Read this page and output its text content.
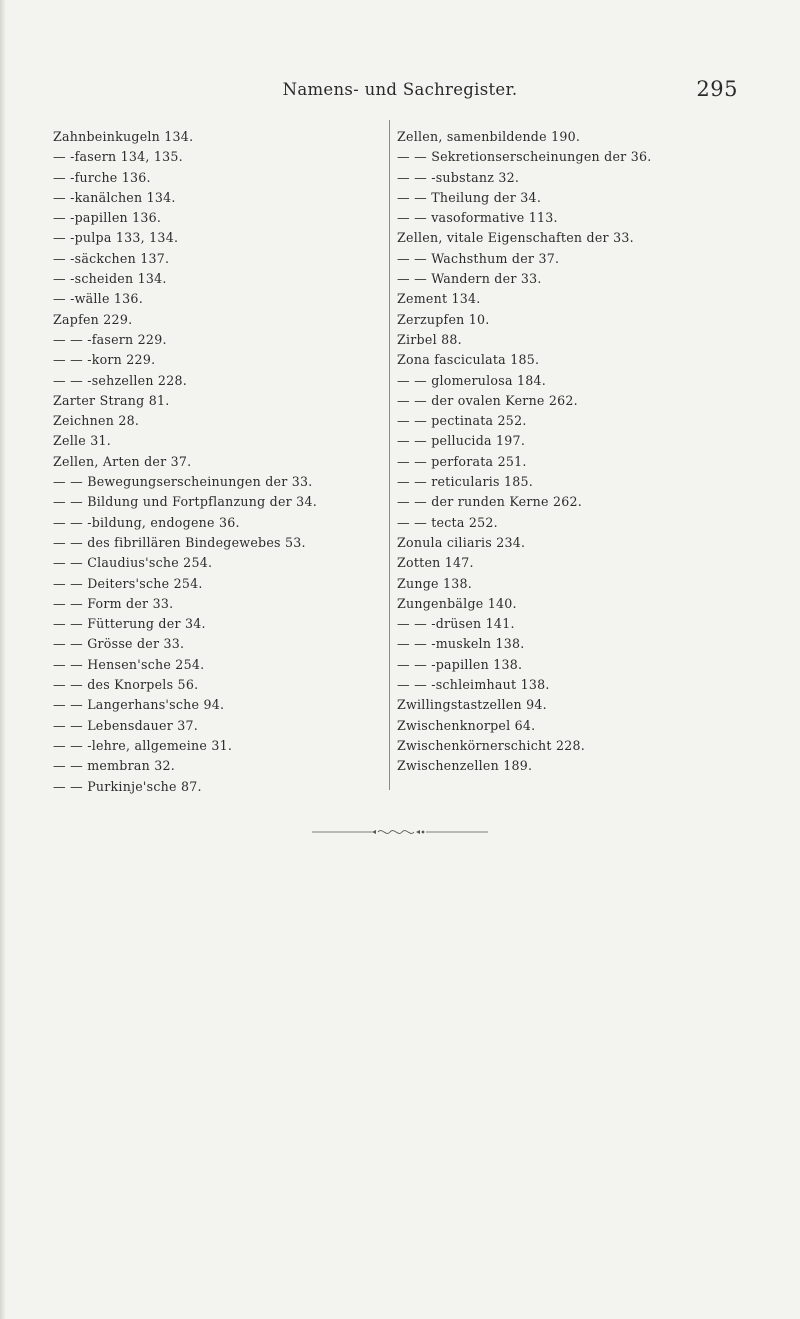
Namens- und Sachregister.	295
Zahnbeinkugeln 134.
— -fasern 134, 135.
— -furche 136.
— -kanälchen 134.
— -papillen 136.
— -pulpa 133, 134.
— -säckchen 137.
— -scheiden 134.
— -wälle 136.
Zapfen 229.
— — -fasern 229.
— — -korn 229.
— — -sehzellen 228.
Zarter Strang 81.
Zeichnen 28.
Zelle 31.
Zellen, Arten der 37.
— — Bewegungserscheinungen der 33.
— — Bildung und Fortpflanzung der 34.
— — -bildung, endogene 36.
— — des fibrillären Bindegewebes 53.
— — Claudius'sche 254.
— — Deiters'sche 254.
— — Form der 33.
— — Fütterung der 34.
— — Grösse der 33.
— — Hensen'sche 254.
— — des Knorpels 56.
— — Langerhans'sche 94.
— — Lebensdauer 37.
— — -lehre, allgemeine 31.
— — membran 32.
— — Purkinje'sche 87.
Zellen, samenbildende 190.
— — Sekretionserscheinungen der 36.
— — -substanz 32.
— — Theilung der 34.
— — vasoformative 113.
Zellen, vitale Eigenschaften der 33.
— — Wachsthum der 37.
— — Wandern der 33.
Zement 134.
Zerzupfen 10.
Zirbel 88.
Zona fasciculata 185.
— — glomerulosa 184.
— — der ovalen Kerne 262.
— — pectinata 252.
— — pellucida 197.
— — perforata 251.
— — reticularis 185.
— — der runden Kerne 262.
— — tecta 252.
Zonula ciliaris 234.
Zotten 147.
Zunge 138.
Zungenbälge 140.
— — -drüsen 141.
— — -muskeln 138.
— — -papillen 138.
— — -schleimhaut 138.
Zwillingstastzellen 94.
Zwischenknorpel 64.
Zwischenkörnerschicht 228.
Zwischenzellen 189.
